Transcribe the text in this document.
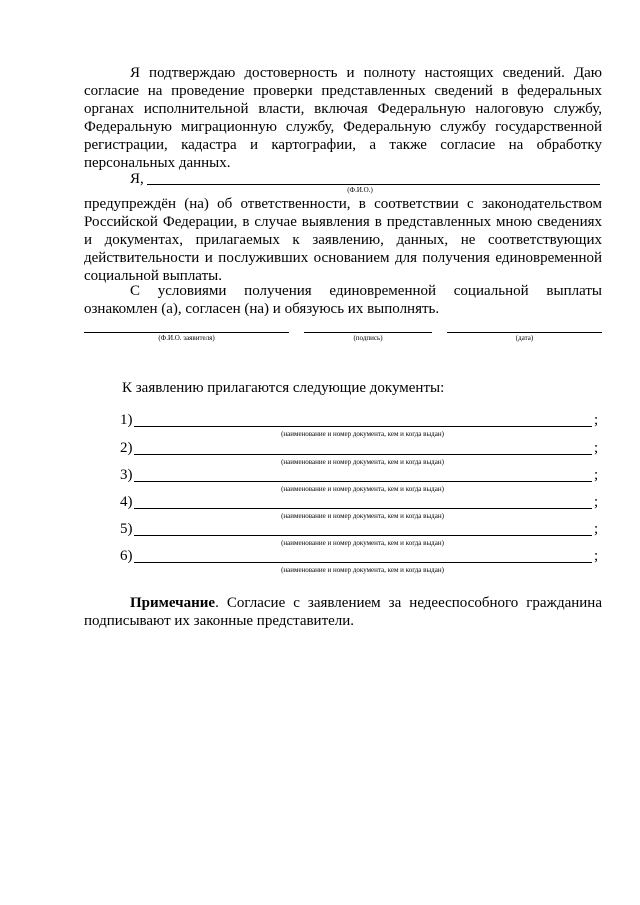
Я подтверждаю достоверность и полноту настоящих сведений. Даю согласие на проведение проверки представленных сведений в федеральных органах исполнительной власти, включая Федеральную налоговую службу, Федеральную миграционную службу, Федеральную службу государственной регистрации, кадастра и картографии, а также согласие на обработку персональных данных.
Я,
(Ф.И.О.)
предупреждён (на) об ответственности, в соответствии с законодательством Российской Федерации, в случае выявления в представленных мною сведениях и документах, прилагаемых к заявлению, данных, не соответствующих действительности и послуживших основанием для получения единовременной социальной выплаты.
С условиями получения единовременной социальной выплаты ознакомлен (а), согласен (на) и обязуюсь их выполнять.
(Ф.И.О. заявителя)	(подпись)	(дата)
К заявлению прилагаются следующие документы:
1)	;
(наименование и номер документа, кем и когда выдан)
2)	;
(наименование и номер документа, кем и когда выдан)
3)	;
(наименование и номер документа, кем и когда выдан)
4)	;
(наименование и номер документа, кем и когда выдан)
5)	;
(наименование и номер документа, кем и когда выдан)
6)	;
(наименование и номер документа, кем и когда выдан)
Примечание. Согласие с заявлением за недееспособного гражданина подписывают их законные представители.
